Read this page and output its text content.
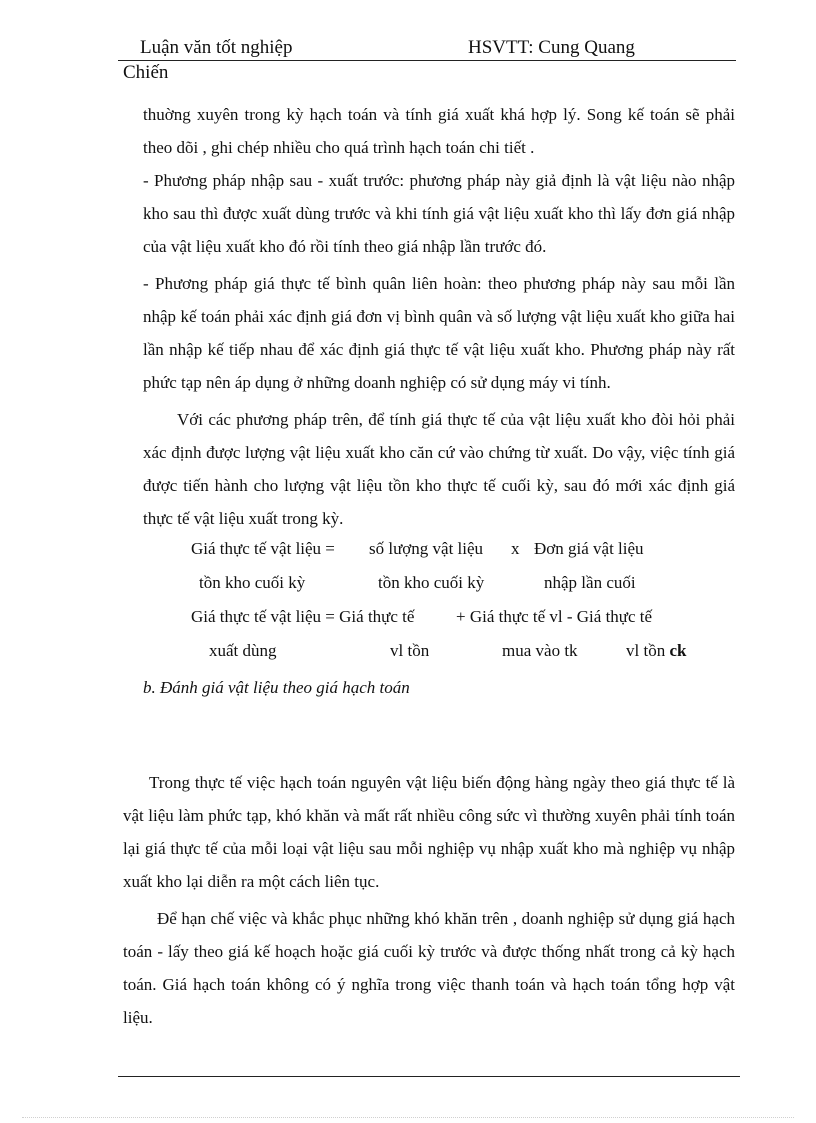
Luận văn tốt nghiệp	HSVTT: Cung Quang
Chiến

thuờng xuyên trong kỳ hạch toán và tính giá xuất khá hợp lý. Song kế toán sẽ phải theo dõi , ghi chép nhiều cho quá trình hạch toán chi tiết .

- Phương pháp nhập sau - xuất trước: phương pháp này giả định là vật liệu nào nhập kho sau thì được xuất dùng trước và khi tính giá vật liệu xuất kho thì lấy đơn giá nhập của vật liệu xuất kho đó rồi tính theo giá nhập lần trước đó.

- Phương pháp giá thực tế bình quân liên hoàn: theo phương pháp này sau mỗi lần nhập kế toán phải xác định giá đơn vị bình quân và số lượng vật liệu xuất kho giữa hai lần nhập kế tiếp nhau để xác định giá thực tế vật liệu xuất kho. Phương pháp này rất phức tạp nên áp dụng ở những doanh nghiệp có sử dụng máy vi tính.

Với các phương pháp trên, để tính giá thực tế của vật liệu xuất kho đòi hỏi phải xác định được lượng vật liệu xuất kho căn cứ vào chứng từ xuất. Do vậy, việc tính giá được tiến hành cho lượng vật liệu tồn kho thực tế cuối kỳ, sau đó mới xác định giá thực tế vật liệu xuất trong kỳ.

Giá thực tế vật liệu = số lượng vật liệu x Đơn giá vật liệu
tồn kho cuối kỳ	tồn kho cuối kỳ	nhập lần cuối
Giá thực tế vật liệu = Giá thực tế + Giá thực tế vl - Giá thực tế
xuất dùng	vl tồn	mua vào tk	vl tồn ck

b. Đánh giá vật liệu theo giá hạch toán

Trong thực tế việc hạch toán nguyên vật liệu biến động hàng ngày theo giá thực tế là vật liệu làm phức tạp, khó khăn và mất rất nhiều công sức vì thường xuyên phải tính toán lại giá thực tế của mỗi loại vật liệu sau mỗi nghiệp vụ nhập xuất kho mà nghiệp vụ nhập xuất kho lại diễn ra một cách liên tục.

Để hạn chế việc và khắc phục những khó khăn trên , doanh nghiệp sử dụng giá hạch toán - lấy theo giá kế hoạch hoặc giá cuối kỳ trước và được thống nhất trong cả kỳ hạch toán. Giá hạch toán không có ý nghĩa trong việc thanh toán và hạch toán tổng hợp vật liệu.
